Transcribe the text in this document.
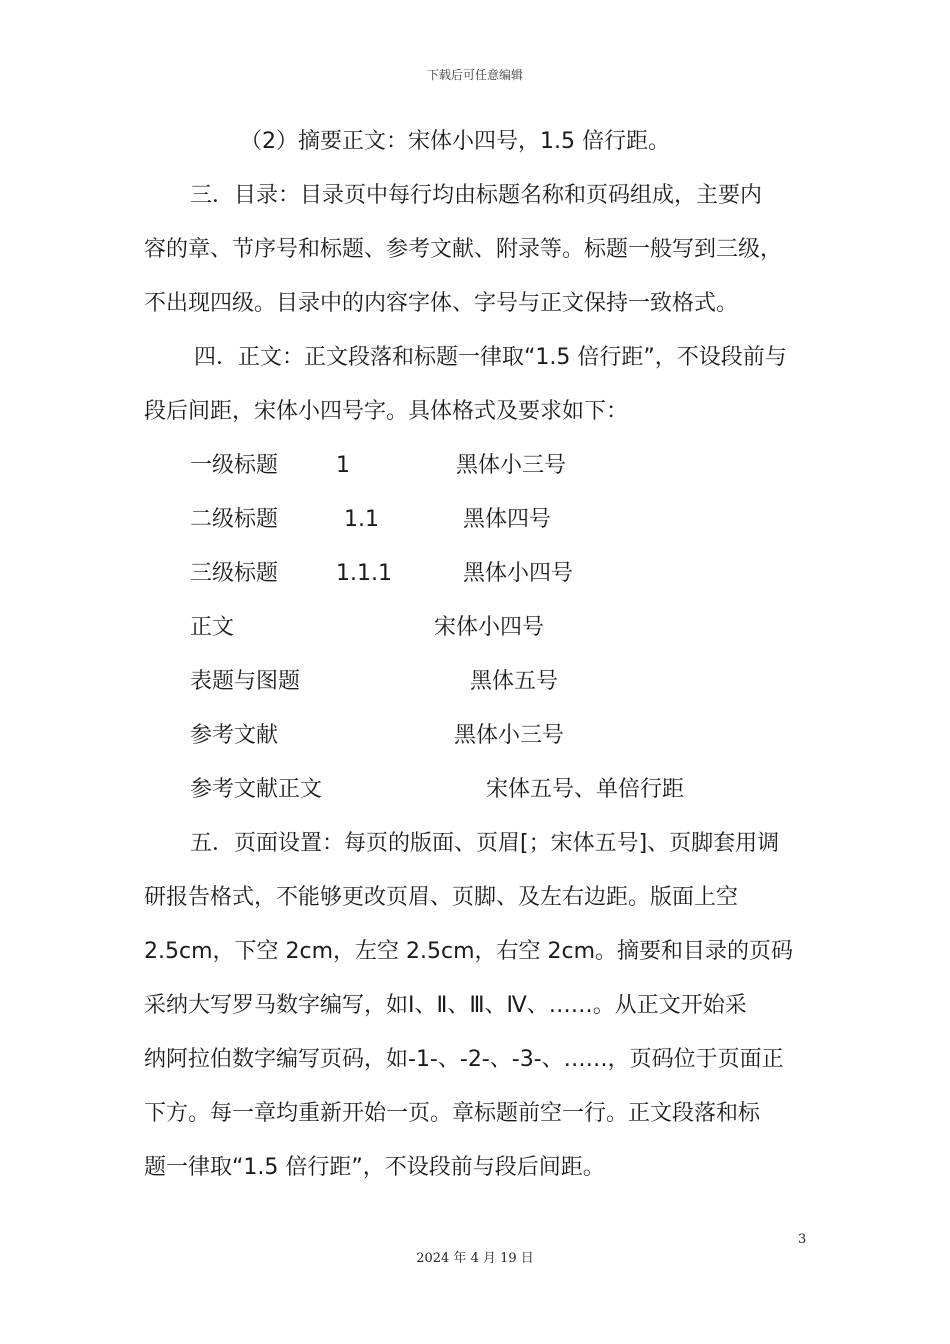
下载后可任意编辑
（2）摘要正文：宋体小四号，1.5 倍行距。
三．目录：目录页中每行均由标题名称和页码组成，主要内
容的章、节序号和标题、参考文献、附录等。标题一般写到三级，
不出现四级。目录中的内容字体、字号与正文保持一致格式。
四．正文：正文段落和标题一律取“1.5 倍行距”，不设段前与
段后间距，宋体小四号字。具体格式及要求如下：
一级标题	1	黑体小三号
二级标题	1.1	黑体四号
三级标题	1.1.1	黑体小四号
正文	宋体小四号
表题与图题	黑体五号
参考文献	黑体小三号
参考文献正文	宋体五号、单倍行距
五．页面设置：每页的版面、页眉[；宋体五号]、页脚套用调
研报告格式，不能够更改页眉、页脚、及左右边距。版面上空
2.5cm，下空 2cm，左空 2.5cm，右空 2cm。摘要和目录的页码
采纳大写罗马数字编写，如Ⅰ、Ⅱ、Ⅲ、Ⅳ、……。从正文开始采
纳阿拉伯数字编写页码，如-1-、-2-、-3-、……，页码位于页面正
下方。每一章均重新开始一页。章标题前空一行。正文段落和标
题一律取“1.5 倍行距”，不设段前与段后间距。
3
2024 年 4 月 19 日
